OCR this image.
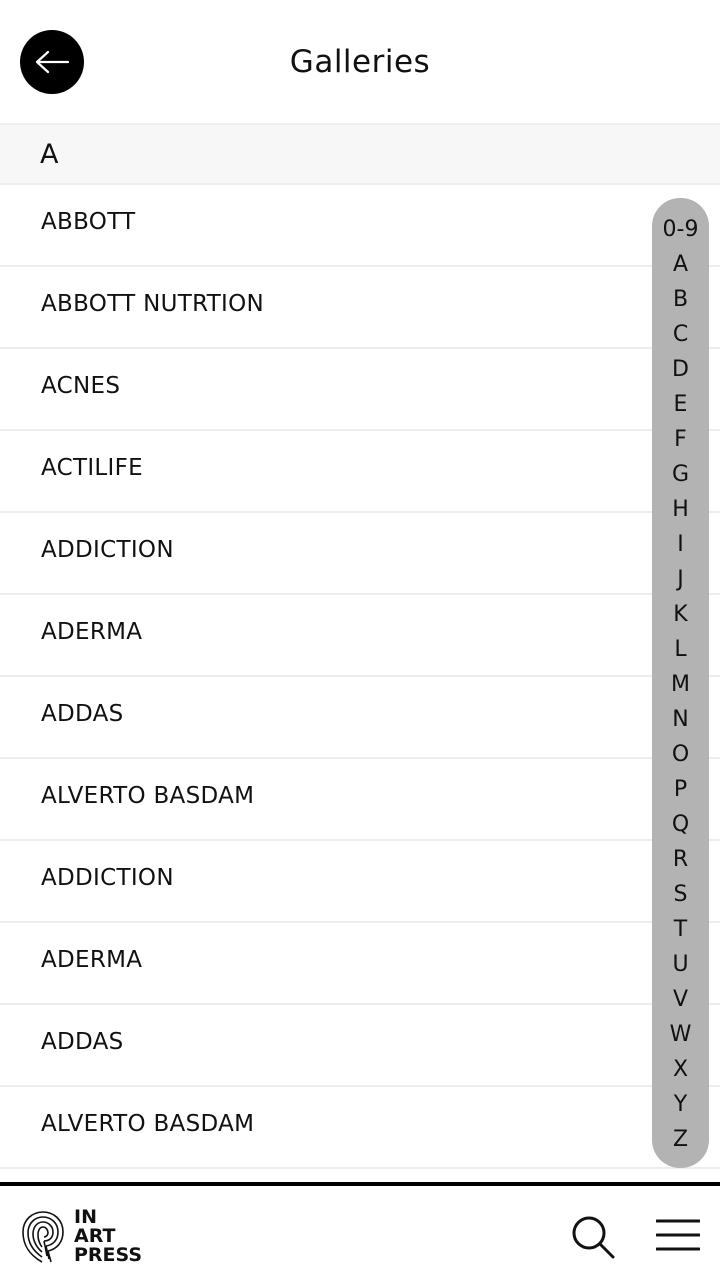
Galleries
A
ABBOTT
ABBOTT NUTRTION
ACNES
ACTILIFE
ADDICTION
ADERMA
ADDAS
ALVERTO BASDAM
ADDICTION
ADERMA
ADDAS
ALVERTO BASDAM
0-9
A
B
C
D
E
F
G
H
I
J
K
L
M
N
O
P
Q
R
S
T
U
V
W
X
Y
Z
IN
ART
PRESS
